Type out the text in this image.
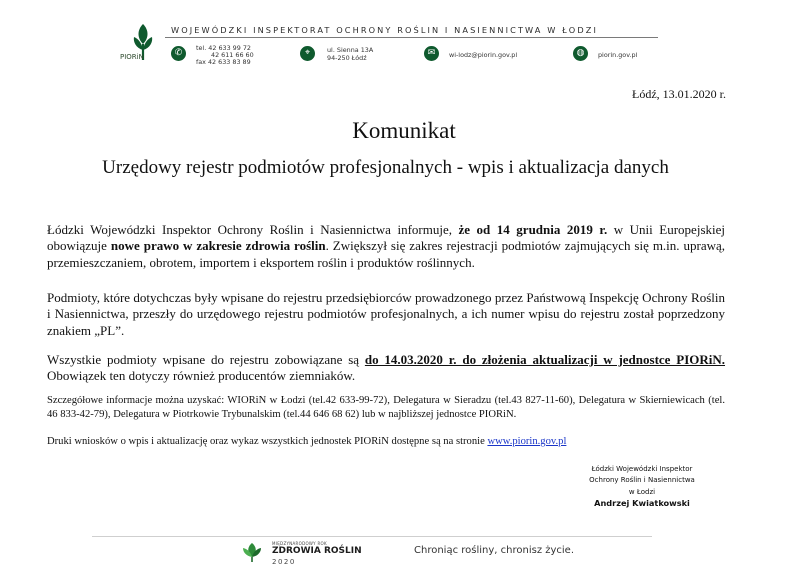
PIORiN
WOJEWÓDZKI INSPEKTORAT OCHRONY ROŚLIN I NASIENNICTWA W ŁODZI
✆	tel. 42 633 99 72
42 611 66 60
fax 42 633 83 89
⌖	ul. Sienna 13A
94-250 Łódź	✉	wi-lodz@piorin.gov.pl	◍	piorin.gov.pl
Łódź, 13.01.2020 r.
Komunikat
Urzędowy rejestr podmiotów profesjonalnych - wpis i aktualizacja danych
Łódzki Wojewódzki Inspektor Ochrony Roślin i Nasiennictwa informuje, że od 14 grudnia 2019 r. w Unii Europejskiej obowiązuje nowe prawo w zakresie zdrowia roślin. Zwiększył się zakres rejestracji podmiotów zajmujących się m.in. uprawą, przemieszczaniem, obrotem, importem i eksportem roślin i produktów roślinnych.
Podmioty, które dotychczas były wpisane do rejestru przedsiębiorców prowadzonego przez Państwową Inspekcję Ochrony Roślin i Nasiennictwa, przeszły do urzędowego rejestru podmiotów profesjonalnych, a ich numer wpisu do rejestru został poprzedzony znakiem „PL”.
Wszystkie podmioty wpisane do rejestru zobowiązane są do 14.03.2020 r. do złożenia aktualizacji w jednostce PIORiN. Obowiązek ten dotyczy również producentów ziemniaków.
Szczegółowe informacje można uzyskać: WIORiN w Łodzi (tel.42 633-99-72), Delegatura w Sieradzu (tel.43 827-11-60), Delegatura w Skierniewicach (tel. 46 833-42-79), Delegatura w Piotrkowie Trybunalskim (tel.44 646 68 62) lub w najbliższej jednostce PIORiN.
Druki wniosków o wpis i aktualizację oraz wykaz wszystkich jednostek PIORiN dostępne są na stronie www.piorin.gov.pl
Łódzki Wojewódzki Inspektor
Ochrony Roślin i Nasiennictwa
w Łodzi
Andrzej Kwiatkowski
MIĘDZYNARODOWY ROK
ZDROWIA ROŚLIN
2020
Chroniąc rośliny, chronisz życie.
